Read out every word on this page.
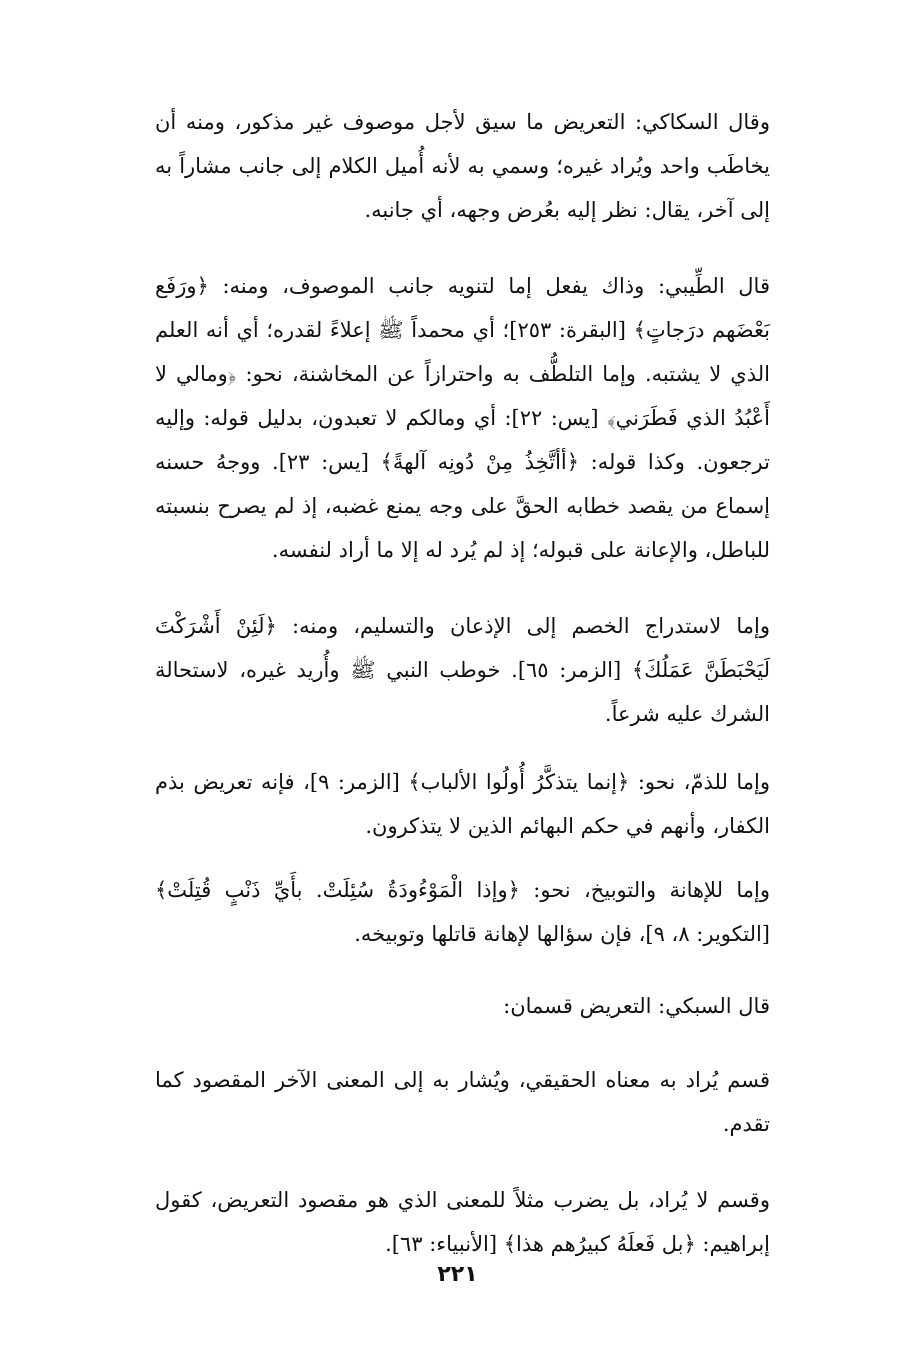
وقال السكاكي: التعريض ما سيق لأجل موصوف غير مذكور، ومنه أن يخاطَب واحد ويُراد غيره؛ وسمي به لأنه أُميل الكلام إلى جانب مشاراً به إلى آخر، يقال: نظر إليه بعُرض وجهه، أي جانبه.

قال الطِّيبي: وذاك يفعل إما لتنويه جانب الموصوف، ومنه: ﴿ورَفَع بَعْضَهم درَجاتٍ﴾ [البقرة: ٢٥٣]؛ أي محمداً ﷺ إعلاءً لقدره؛ أي أنه العلم الذي لا يشتبه. وإما التلطُّف به واحترازاً عن المخاشنة، نحو: ﴿ومالي لا أَعْبُدُ الذي فَطَرَني﴾ [يس: ٢٢]: أي ومالكم لا تعبدون، بدليل قوله: وإليه ترجعون. وكذا قوله: ﴿أأتَّخِذُ مِنْ دُونِه آلهةً﴾ [يس: ٢٣]. ووجهُ حسنه إسماع من يقصد خطابه الحقَّ على وجه يمنع غضبه، إذ لم يصرح بنسبته للباطل، والإعانة على قبوله؛ إذ لم يُرد له إلا ما أراد لنفسه.

وإما لاستدراج الخصم إلى الإذعان والتسليم، ومنه: ﴿لَئِنْ أَشْرَكْتَ لَيَحْبَطَنَّ عَمَلُكَ﴾ [الزمر: ٦٥]. خوطب النبي ﷺ وأُريد غيره، لاستحالة الشرك عليه شرعاً.

وإما للذمّ، نحو: ﴿إنما يتذكَّرُ أُولُوا الألباب﴾ [الزمر: ٩]، فإنه تعريض بذم الكفار، وأنهم في حكم البهائم الذين لا يتذكرون.

وإما للإهانة والتوبيخ، نحو: ﴿وإذا الْمَوْءُودَةُ سُئِلَتْ. بأَيِّ ذَنْبٍ قُتِلَتْ﴾ [التكوير: ٨، ٩]، فإن سؤالها لإهانة قاتلها وتوبيخه.

قال السبكي: التعريض قسمان:

قسم يُراد به معناه الحقيقي، ويُشار به إلى المعنى الآخر المقصود كما تقدم.

وقسم لا يُراد، بل يضرب مثلاً للمعنى الذي هو مقصود التعريض، كقول إبراهيم: ﴿بل فَعلَهُ كبيرُهم هذا﴾ [الأنبياء: ٦٣].

٢٢١
